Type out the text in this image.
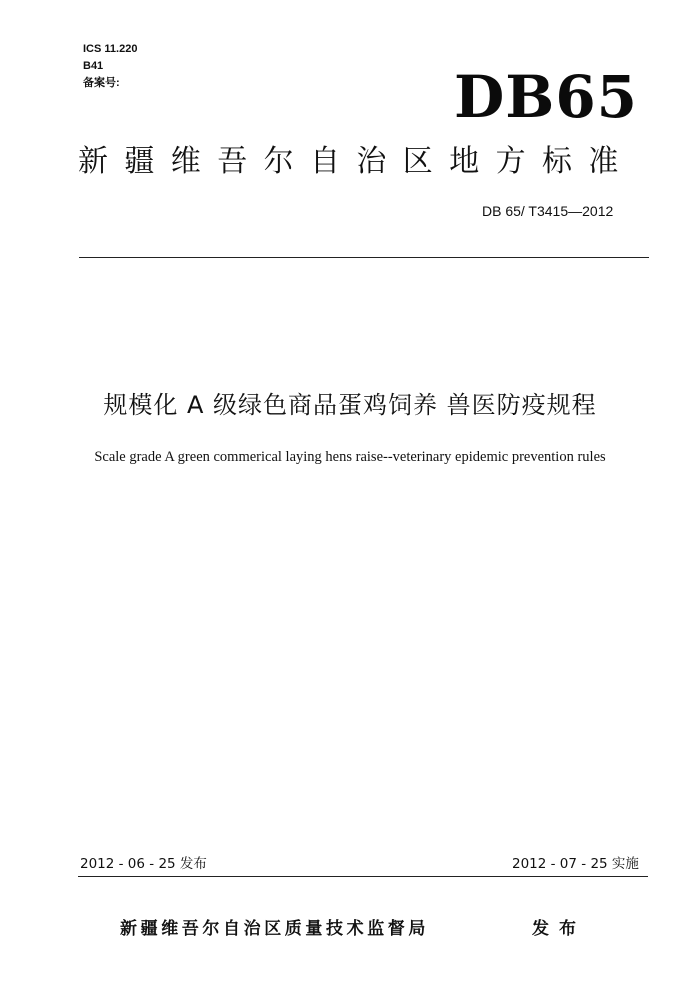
ICS 11.220
B41
备案号:	DB65
新疆维吾尔自治区地方标准
DB 65/ T3415—2012
规模化 A 级绿色商品蛋鸡饲养 兽医防疫规程
Scale grade A green commerical laying hens raise--veterinary epidemic prevention rules
2012 - 06 - 25 发布	2012 - 07 - 25 实施
新疆维吾尔自治区质量技术监督局	发布
